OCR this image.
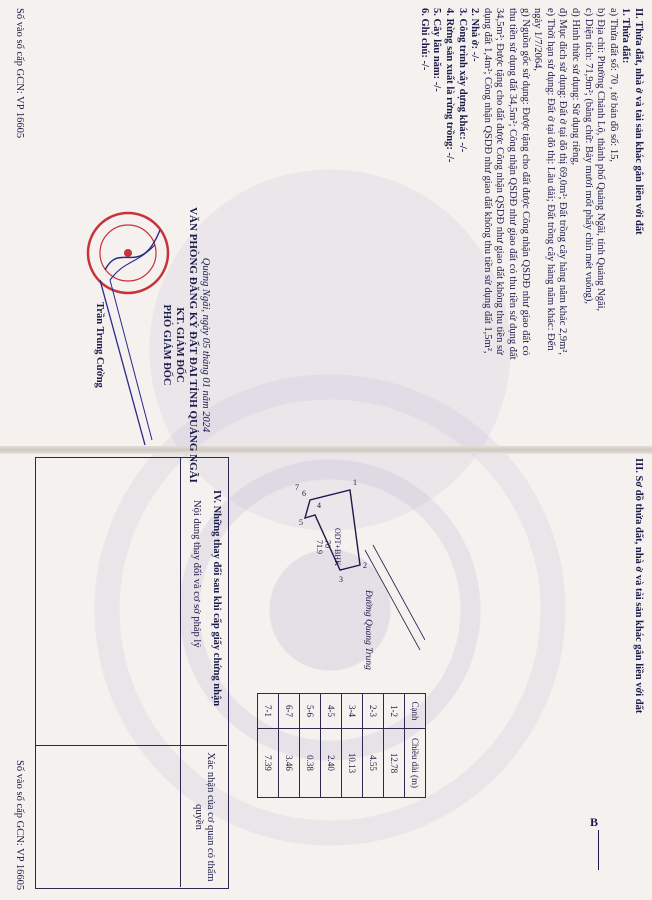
II. Thửa đất, nhà ở và tài sản khác gắn liền với đất
1. Thửa đất:
a) Thửa đất số: 70 , tờ bản đồ số: 15,
b) Địa chỉ: Phường Chánh Lộ, thành phố Quảng Ngãi, tỉnh Quảng Ngãi,
c) Diện tích: 71,9m²; (bằng chữ: Bảy mươi mốt phẩy chín mét vuông),
d) Hình thức sử dụng: Sử dụng riêng,
đ) Mục đích sử dụng: Đất ở tại đô thị 69,0m²; Đất trồng cây hàng năm khác 2,9m²,
e) Thời hạn sử dụng: Đất ở tại đô thị: Lâu dài; Đất trồng cây hàng năm khác: Đến
ngày 1/7/2064,
g) Nguồn gốc sử dụng: Được tặng cho đất được Công nhận QSDĐ như giao đất có
thu tiền sử dụng đất 34,5m²; Công nhận QSDĐ như giao đất có thu tiền sử dụng đất
34,5m²; Được tặng cho đất được Công nhận QSDĐ như giao đất không thu tiền sử
dụng đất 1,4m²; Công nhận QSDĐ như giao đất không thu tiền sử dụng đất 1,5m²,
2. Nhà ở: -/-
3. Công trình xây dựng khác: -/-
4. Rừng sản xuất là rừng trồng: -/-
5. Cây lâu năm: -/-
6. Ghi chú: -/-
Quảng Ngãi, ngày 05 tháng 01 năm 2024
VĂN PHÒNG ĐĂNG KÝ ĐẤT ĐAI TỈNH QUẢNG NGÃI
KT. GIÁM ĐỐC
PHÓ GIÁM ĐỐC
Trần Trung Cường
Số vào sổ cấp GCN: VP 16605
Số vào sổ cấp GCN: VP 16605
III. Sơ đồ thửa đất, nhà ở và tài sản khác gắn liền với đất
1
2
3
4
5
6
7
ODT+BHK
70
71.9
Đường Quang Trung
Cạnh	Chiều dài (m)
1-2	12.78
2-3	4.55
3-4	10.13
4-5	2.40
5-6	0.38
6-7	3.46
7-1	7.39
B
IV. Những thay đổi sau khi cấp giấy chứng nhận
Nội dung thay đổi và cơ sở pháp lý
Xác nhận của cơ quan có thẩm quyền
